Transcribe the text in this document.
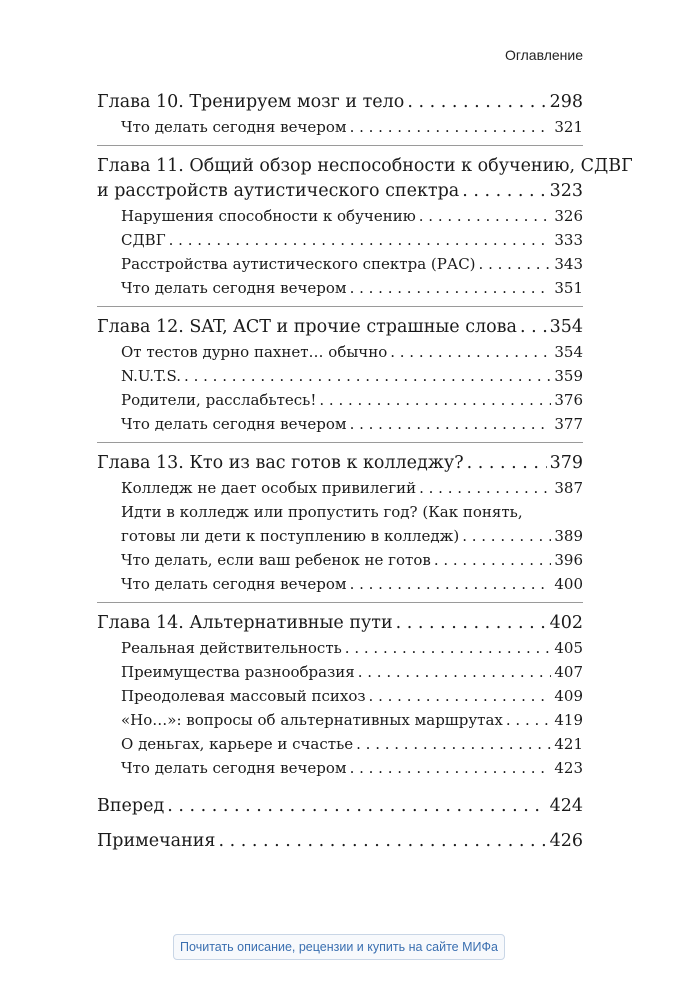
Оглавление
Глава 10. Тренируем мозг и тело . . .	298
Что делать сегодня вечером . . .	321
Глава 11. Общий обзор неспособности к обучению, СДВГ
и расстройств аутистического спектра . . .	323
Нарушения способности к обучению . . .	326
СДВГ . . .	333
Расстройства аутистического спектра (РАС) . . .	343
Что делать сегодня вечером . . .	351
Глава 12. SAT, ACT и прочие страшные слова . . . 354
От тестов дурно пахнет… обычно . . .	354
N.U.T.S. . . .	359
Родители, расслабьтесь! . . .	376
Что делать сегодня вечером . . .	377
Глава 13. Кто из вас готов к колледжу? . . .	379
Колледж не дает особых привилегий . . .	387
Идти в колледж или пропустить год? (Как понять,
готовы ли дети к поступлению в колледж) . . .	389
Что делать, если ваш ребенок не готов . . .	396
Что делать сегодня вечером . . .	400
Глава 14. Альтернативные пути . . .	402
Реальная действительность . . .	405
Преимущества разнообразия . . .	407
Преодолевая массовый психоз . . .	409
«Но…»: вопросы об альтернативных маршрутах . . .	419
О деньгах, карьере и счастье . . .	421
Что делать сегодня вечером . . .	423
Вперед . . .	424
Примечания . . .	426
Почитать описание, рецензии и купить на сайте МИФа
